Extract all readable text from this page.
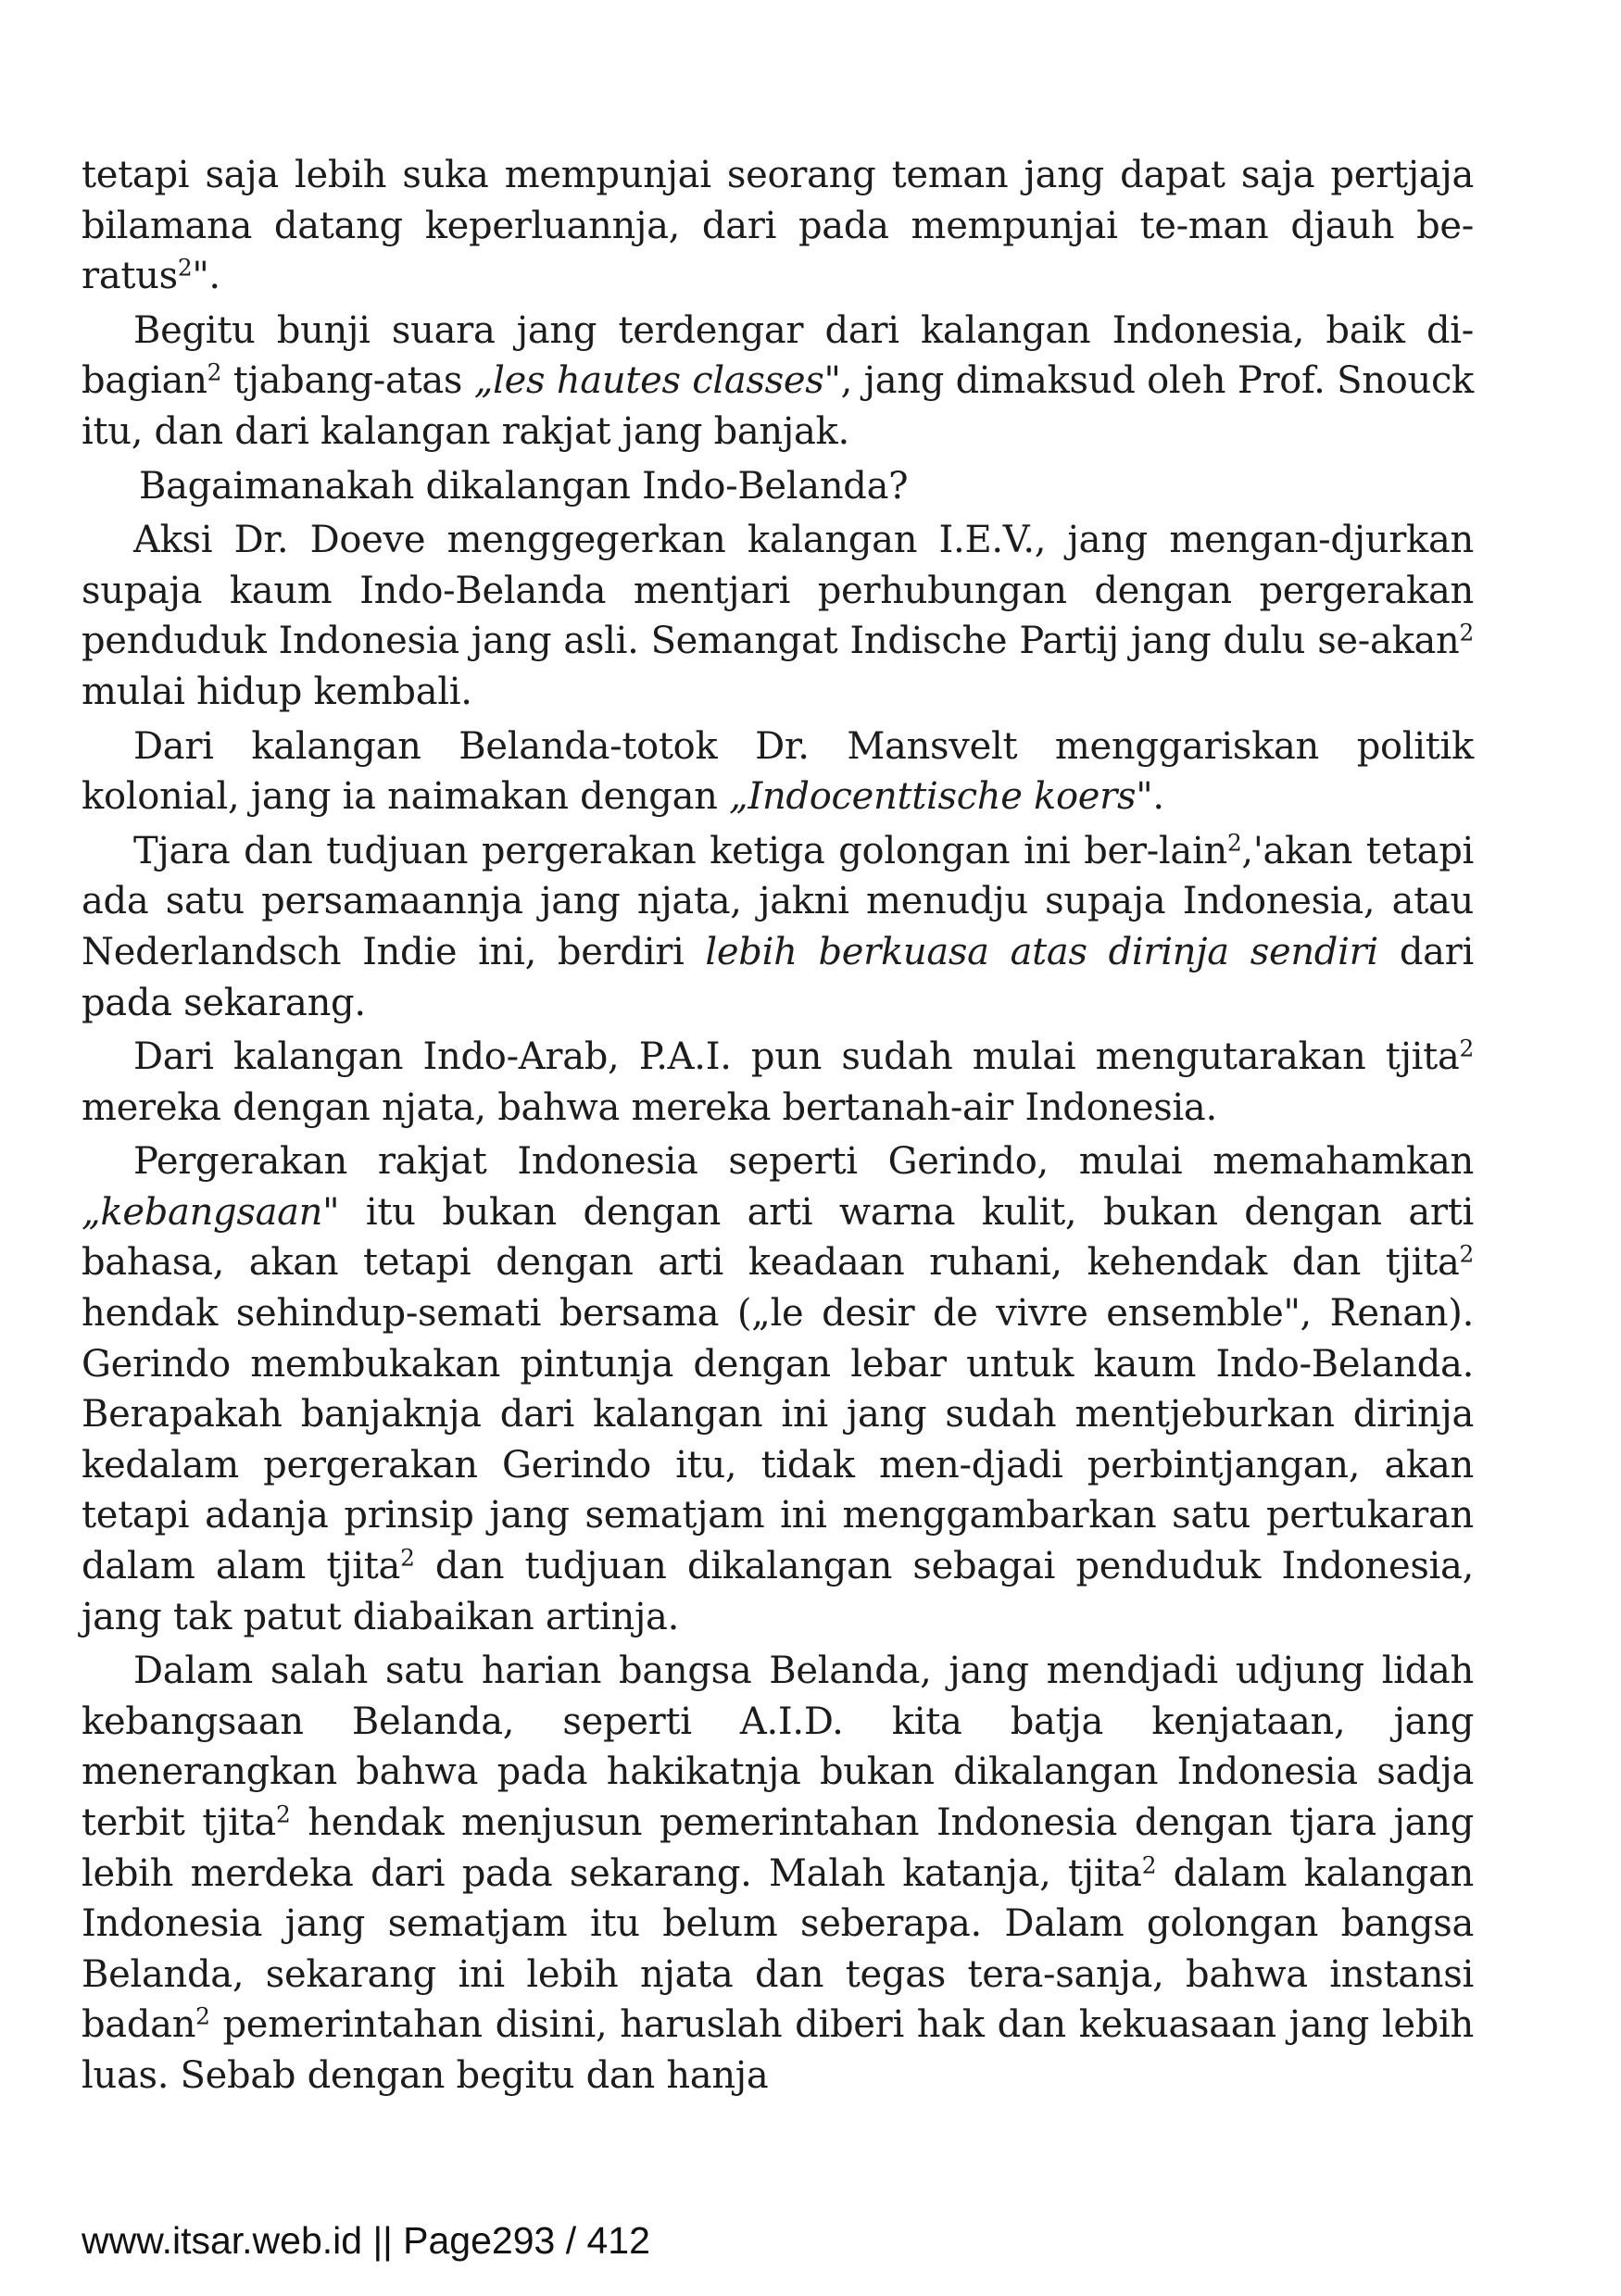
tetapi saja lebih suka mempunjai seorang teman jang dapat saja pertjaja bilamana datang keperluannja, dari pada mempunjai te-man djauh be-ratus$^2$".

Begitu bunji suara jang terdengar dari kalangan Indonesia, baik di-bagian$^2$ tjabang-atas „les hautes classes", jang dimaksud oleh Prof. Snouck itu, dan dari kalangan rakjat jang banjak.

Bagaimanakah dikalangan Indo-Belanda?

Aksi Dr. Doeve menggegerkan kalangan I.E.V., jang mengan-djurkan supaja kaum Indo-Belanda mentjari perhubungan dengan pergerakan penduduk Indonesia jang asli. Semangat Indische Partij jang dulu se-akan$^2$ mulai hidup kembali.

Dari kalangan Belanda-totok Dr. Mansvelt menggariskan politik kolonial, jang ia naimakan dengan „Indocenttische koers".

Tjara dan tudjuan pergerakan ketiga golongan ini ber-lain$^2$,'akan tetapi ada satu persamaannja jang njata, jakni menudju supaja Indonesia, atau Nederlandsch Indie ini, berdiri lebih berkuasa atas dirinja sendiri dari pada sekarang.

Dari kalangan Indo-Arab, P.A.I. pun sudah mulai mengutarakan tjita$^2$ mereka dengan njata, bahwa mereka bertanah-air Indonesia.

Pergerakan rakjat Indonesia seperti Gerindo, mulai memahamkan „kebangsaan" itu bukan dengan arti warna kulit, bukan dengan arti bahasa, akan tetapi dengan arti keadaan ruhani, kehendak dan tjita$^2$ hendak sehindup-semati bersama („le desir de vivre ensemble", Renan). Gerindo membukakan pintunja dengan lebar untuk kaum Indo-Belanda. Berapakah banjaknja dari kalangan ini jang sudah mentjeburkan dirinja kedalam pergerakan Gerindo itu, tidak men-djadi perbintjangan, akan tetapi adanja prinsip jang sematjam ini menggambarkan satu pertukaran dalam alam tjita$^2$ dan tudjuan dikalangan sebagai penduduk Indonesia, jang tak patut diabaikan artinja.

Dalam salah satu harian bangsa Belanda, jang mendjadi udjung lidah kebangsaan Belanda, seperti A.I.D. kita batja kenjataan, jang menerangkan bahwa pada hakikatnja bukan dikalangan Indonesia sadja terbit tjita$^2$ hendak menjusun pemerintahan Indonesia dengan tjara jang lebih merdeka dari pada sekarang. Malah katanja, tjita$^2$ dalam kalangan Indonesia jang sematjam itu belum seberapa. Dalam golongan bangsa Belanda, sekarang ini lebih njata dan tegas tera-sanja, bahwa instansi badan$^2$ pemerintahan disini, haruslah diberi hak dan kekuasaan jang lebih luas. Sebab dengan begitu dan hanja

www.itsar.web.id || Page293 / 412
